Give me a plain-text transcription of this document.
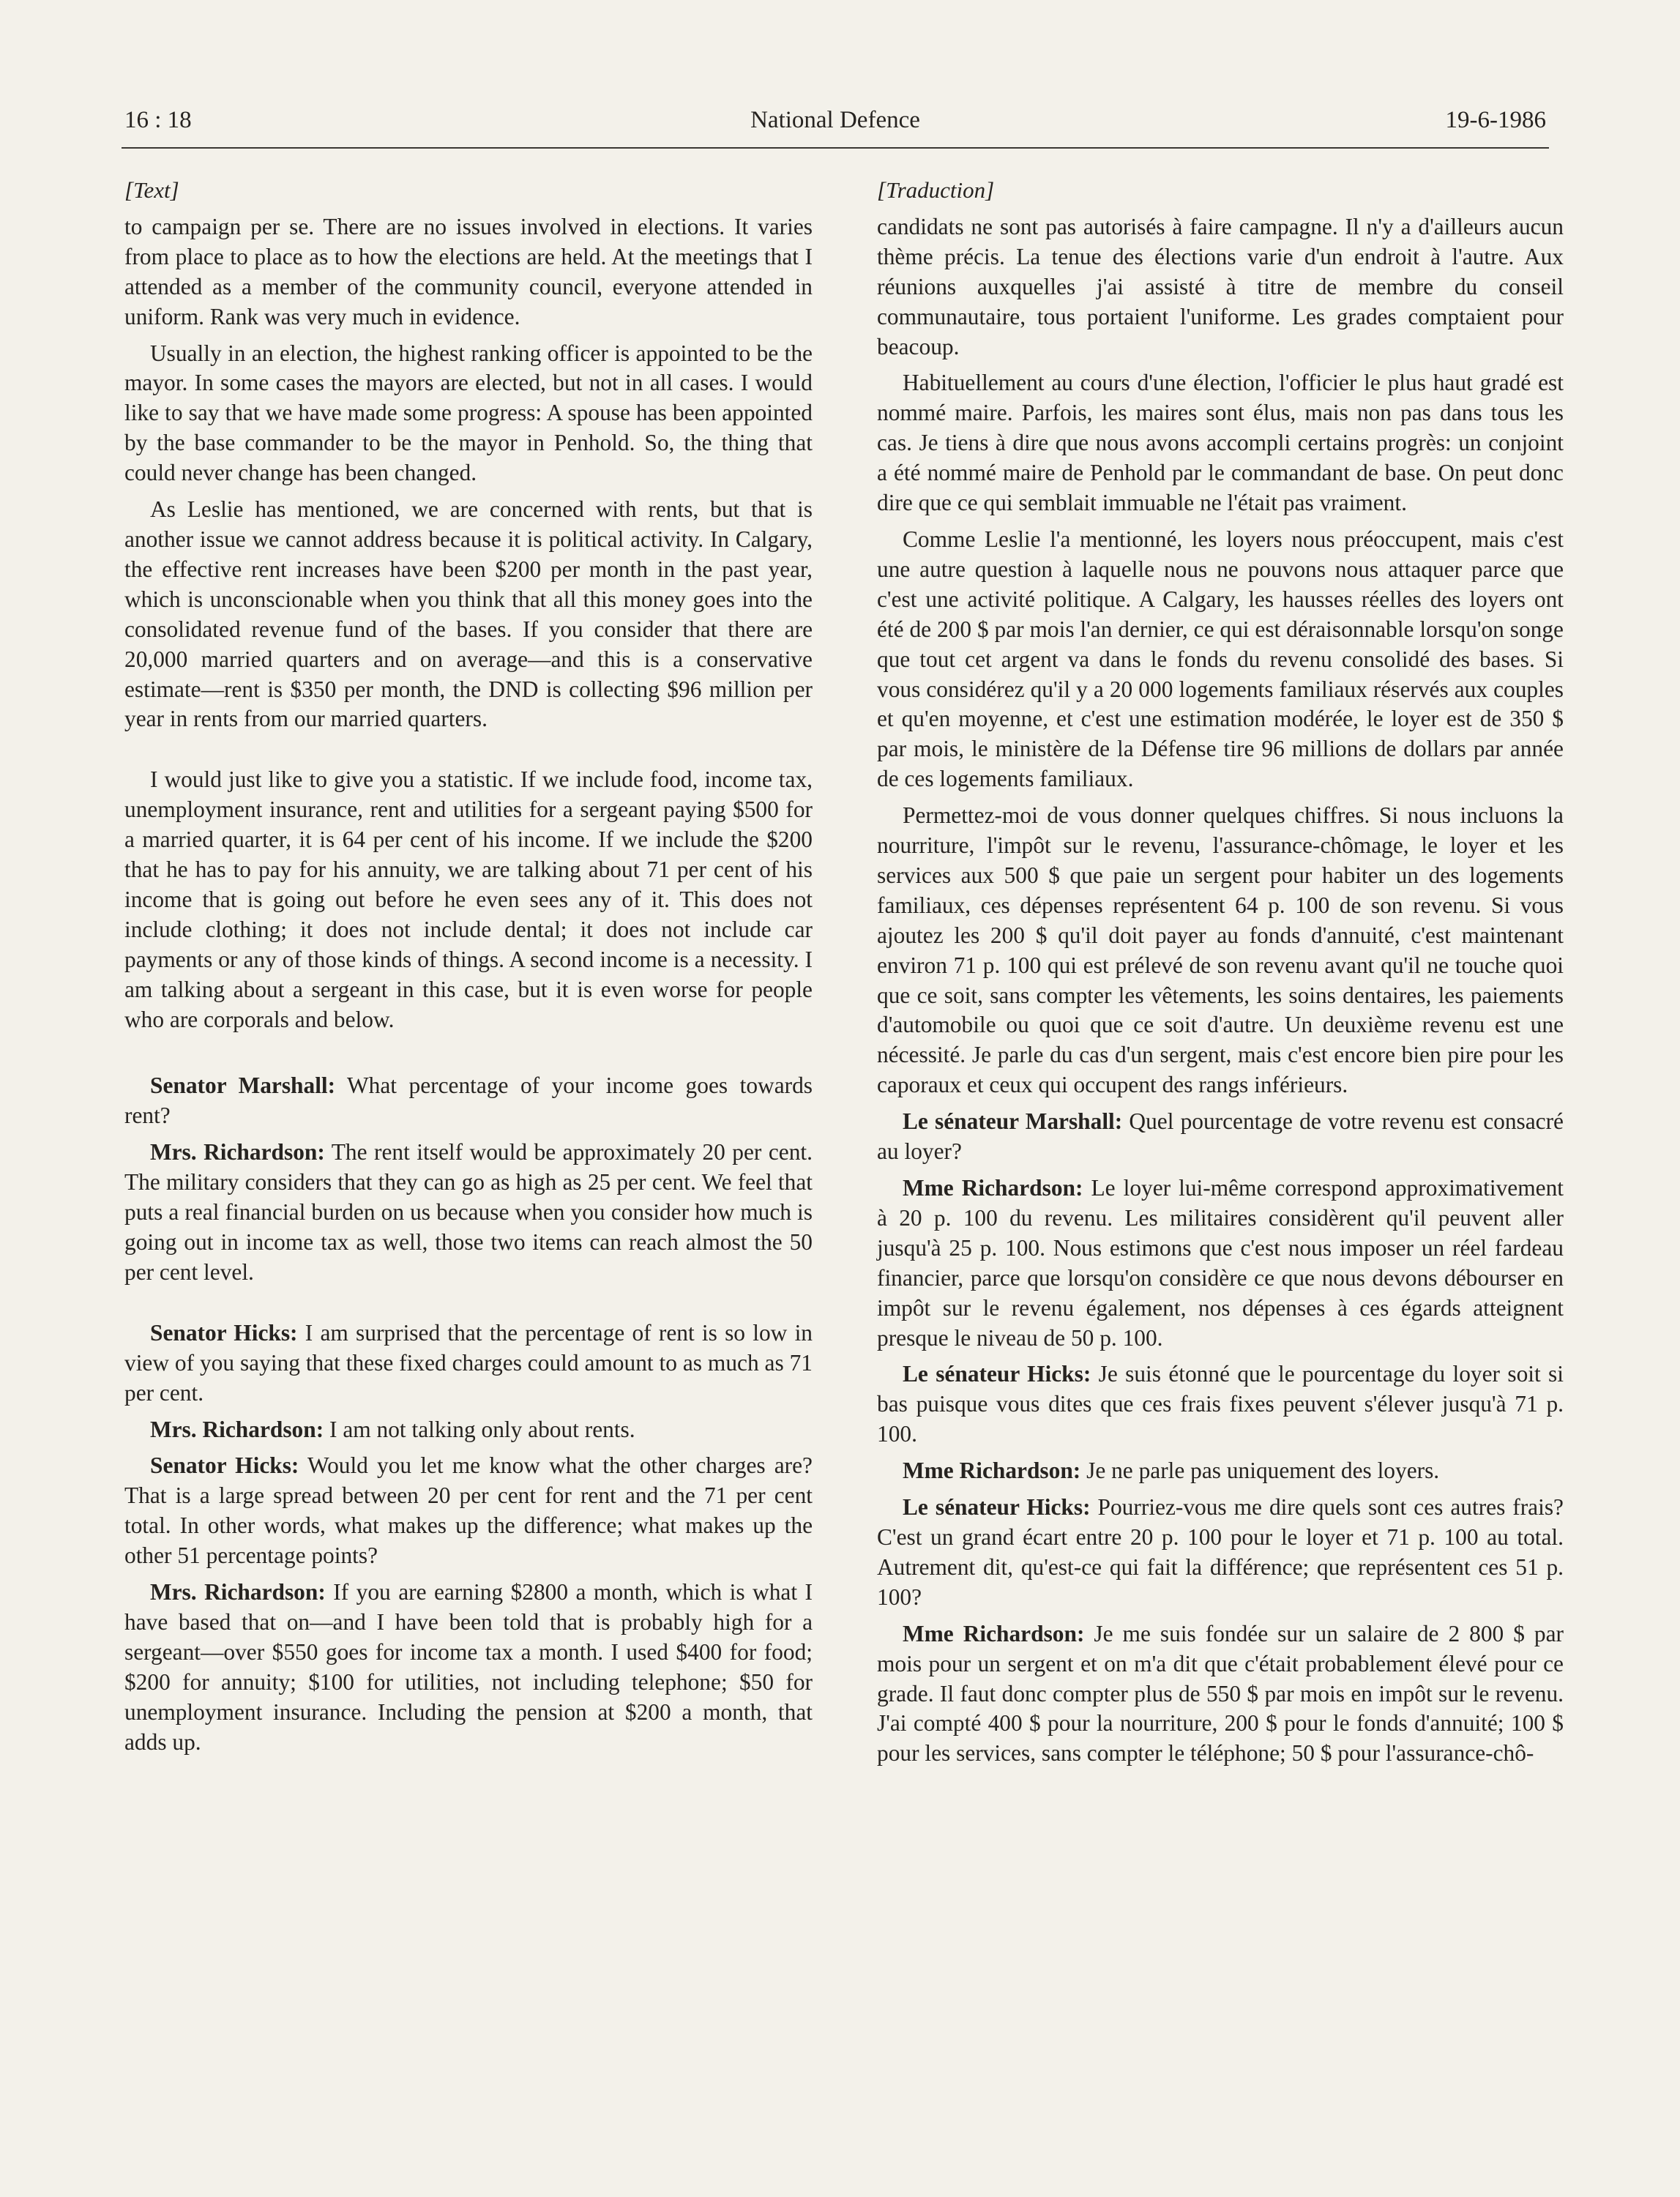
16 : 18	National Defence	19-6-1986

[Text]

to campaign per se. There are no issues involved in elections. It varies from place to place as to how the elections are held. At the meetings that I attended as a member of the community council, everyone attended in uniform. Rank was very much in evidence.

Usually in an election, the highest ranking officer is appointed to be the mayor. In some cases the mayors are elected, but not in all cases. I would like to say that we have made some progress: A spouse has been appointed by the base commander to be the mayor in Penhold. So, the thing that could never change has been changed.

As Leslie has mentioned, we are concerned with rents, but that is another issue we cannot address because it is political activity. In Calgary, the effective rent increases have been $200 per month in the past year, which is unconscionable when you think that all this money goes into the consolidated revenue fund of the bases. If you consider that there are 20,000 married quarters and on average—and this is a conservative estimate—rent is $350 per month, the DND is collecting $96 million per year in rents from our married quarters.

I would just like to give you a statistic. If we include food, income tax, unemployment insurance, rent and utilities for a sergeant paying $500 for a married quarter, it is 64 per cent of his income. If we include the $200 that he has to pay for his annuity, we are talking about 71 per cent of his income that is going out before he even sees any of it. This does not include clothing; it does not include dental; it does not include car payments or any of those kinds of things. A second income is a necessity. I am talking about a sergeant in this case, but it is even worse for people who are corporals and below.

Senator Marshall: What percentage of your income goes towards rent?

Mrs. Richardson: The rent itself would be approximately 20 per cent. The military considers that they can go as high as 25 per cent. We feel that puts a real financial burden on us because when you consider how much is going out in income tax as well, those two items can reach almost the 50 per cent level.

Senator Hicks: I am surprised that the percentage of rent is so low in view of you saying that these fixed charges could amount to as much as 71 per cent.

Mrs. Richardson: I am not talking only about rents.

Senator Hicks: Would you let me know what the other charges are? That is a large spread between 20 per cent for rent and the 71 per cent total. In other words, what makes up the difference; what makes up the other 51 percentage points?

Mrs. Richardson: If you are earning $2800 a month, which is what I have based that on—and I have been told that is probably high for a sergeant—over $550 goes for income tax a month. I used $400 for food; $200 for annuity; $100 for utilities, not including telephone; $50 for unemployment insurance. Including the pension at $200 a month, that adds up.

[Traduction]

candidats ne sont pas autorisés à faire campagne. Il n'y a d'ailleurs aucun thème précis. La tenue des élections varie d'un endroit à l'autre. Aux réunions auxquelles j'ai assisté à titre de membre du conseil communautaire, tous portaient l'uniforme. Les grades comptaient pour beacoup.

Habituellement au cours d'une élection, l'officier le plus haut gradé est nommé maire. Parfois, les maires sont élus, mais non pas dans tous les cas. Je tiens à dire que nous avons accompli certains progrès: un conjoint a été nommé maire de Penhold par le commandant de base. On peut donc dire que ce qui semblait immuable ne l'était pas vraiment.

Comme Leslie l'a mentionné, les loyers nous préoccupent, mais c'est une autre question à laquelle nous ne pouvons nous attaquer parce que c'est une activité politique. A Calgary, les hausses réelles des loyers ont été de 200 $ par mois l'an dernier, ce qui est déraisonnable lorsqu'on songe que tout cet argent va dans le fonds du revenu consolidé des bases. Si vous considérez qu'il y a 20 000 logements familiaux réservés aux couples et qu'en moyenne, et c'est une estimation modérée, le loyer est de 350 $ par mois, le ministère de la Défense tire 96 millions de dollars par année de ces logements familiaux.

Permettez-moi de vous donner quelques chiffres. Si nous incluons la nourriture, l'impôt sur le revenu, l'assurance-chômage, le loyer et les services aux 500 $ que paie un sergent pour habiter un des logements familiaux, ces dépenses représentent 64 p. 100 de son revenu. Si vous ajoutez les 200 $ qu'il doit payer au fonds d'annuité, c'est maintenant environ 71 p. 100 qui est prélevé de son revenu avant qu'il ne touche quoi que ce soit, sans compter les vêtements, les soins dentaires, les paiements d'automobile ou quoi que ce soit d'autre. Un deuxième revenu est une nécessité. Je parle du cas d'un sergent, mais c'est encore bien pire pour les caporaux et ceux qui occupent des rangs inférieurs.

Le sénateur Marshall: Quel pourcentage de votre revenu est consacré au loyer?

Mme Richardson: Le loyer lui-même correspond approximativement à 20 p. 100 du revenu. Les militaires considèrent qu'il peuvent aller jusqu'à 25 p. 100. Nous estimons que c'est nous imposer un réel fardeau financier, parce que lorsqu'on considère ce que nous devons débourser en impôt sur le revenu également, nos dépenses à ces égards atteignent presque le niveau de 50 p. 100.

Le sénateur Hicks: Je suis étonné que le pourcentage du loyer soit si bas puisque vous dites que ces frais fixes peuvent s'élever jusqu'à 71 p. 100.

Mme Richardson: Je ne parle pas uniquement des loyers.

Le sénateur Hicks: Pourriez-vous me dire quels sont ces autres frais? C'est un grand écart entre 20 p. 100 pour le loyer et 71 p. 100 au total. Autrement dit, qu'est-ce qui fait la différence; que représentent ces 51 p. 100?

Mme Richardson: Je me suis fondée sur un salaire de 2 800 $ par mois pour un sergent et on m'a dit que c'était probablement élevé pour ce grade. Il faut donc compter plus de 550 $ par mois en impôt sur le revenu. J'ai compté 400 $ pour la nourriture, 200 $ pour le fonds d'annuité; 100 $ pour les services, sans compter le téléphone; 50 $ pour l'assurance-chô-
